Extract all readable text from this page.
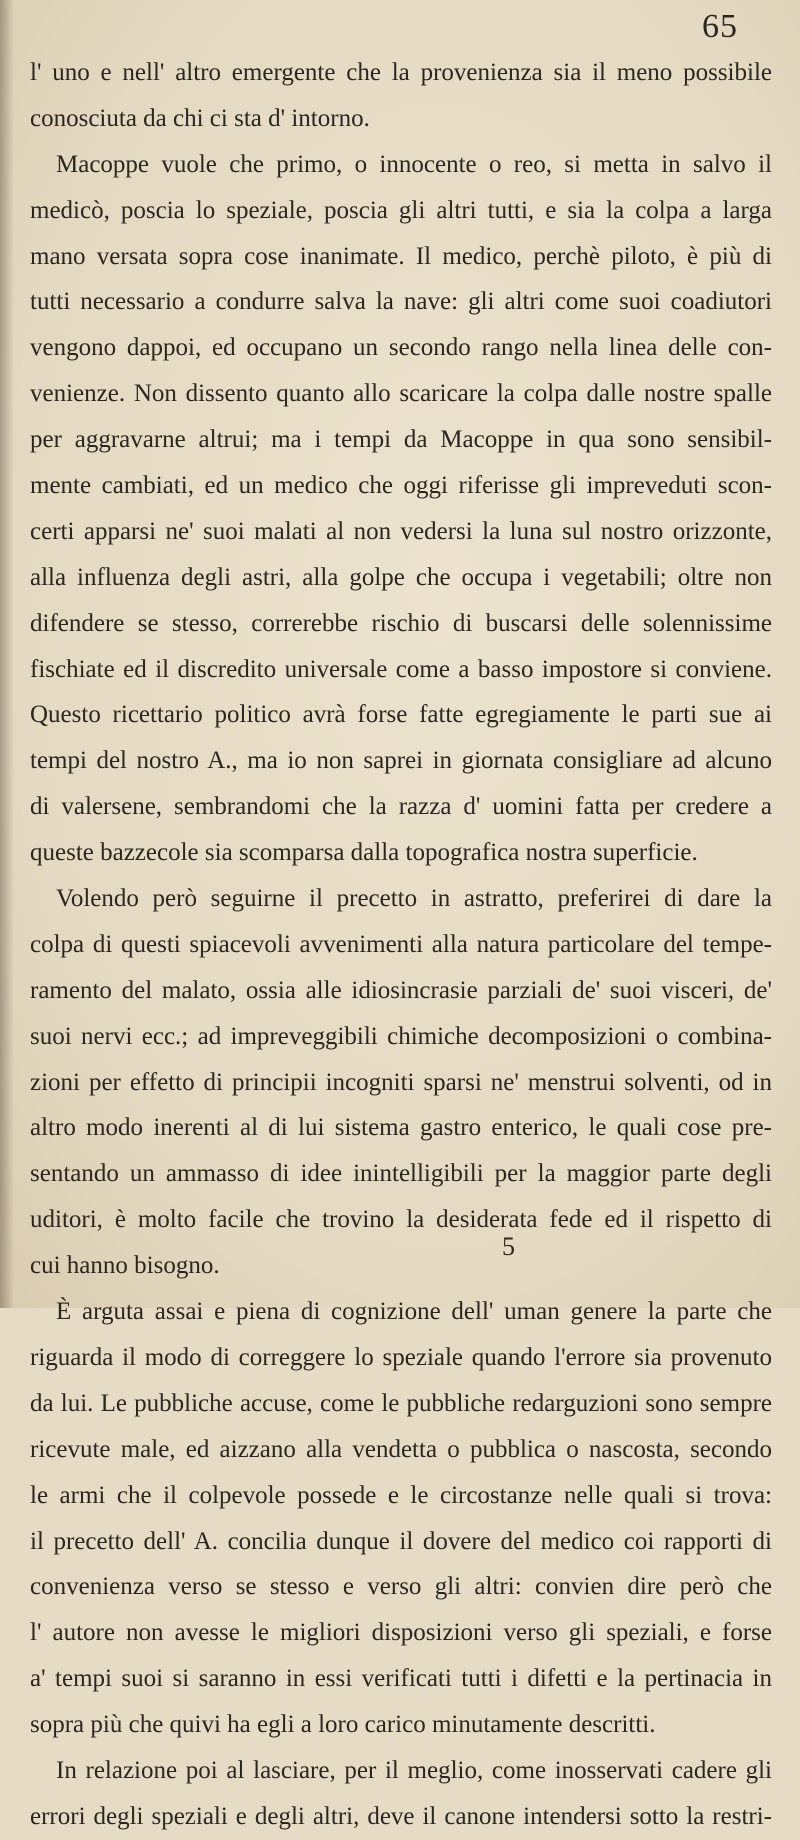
65
l' uno e nell' altro emergente che la provenienza sia il meno possibile
conosciuta da chi ci sta d' intorno.
Macoppe vuole che primo, o innocente o reo, si metta in salvo il
medicò, poscia lo speziale, poscia gli altri tutti, e sia la colpa a larga
mano versata sopra cose inanimate. Il medico, perchè piloto, è più di
tutti necessario a condurre salva la nave: gli altri come suoi coadiutori
vengono dappoi, ed occupano un secondo rango nella linea delle con-
venienze. Non dissento quanto allo scaricare la colpa dalle nostre spalle
per aggravarne altrui; ma i tempi da Macoppe in qua sono sensibil-
mente cambiati, ed un medico che oggi riferisse gli impreveduti scon-
certi apparsi ne' suoi malati al non vedersi la luna sul nostro orizzonte,
alla influenza degli astri, alla golpe che occupa i vegetabili; oltre non
difendere se stesso, correrebbe rischio di buscarsi delle solennissime
fischiate ed il discredito universale come a basso impostore si conviene.
Questo ricettario politico avrà forse fatte egregiamente le parti sue ai
tempi del nostro A., ma io non saprei in giornata consigliare ad alcuno
di valersene, sembrandomi che la razza d' uomini fatta per credere a
queste bazzecole sia scomparsa dalla topografica nostra superficie.
Volendo però seguirne il precetto in astratto, preferirei di dare la
colpa di questi spiacevoli avvenimenti alla natura particolare del tempe-
ramento del malato, ossia alle idiosincrasie parziali de' suoi visceri, de'
suoi nervi ecc.; ad impreveggibili chimiche decomposizioni o combina-
zioni per effetto di principii incogniti sparsi ne' menstrui solventi, od in
altro modo inerenti al di lui sistema gastro enterico, le quali cose pre-
sentando un ammasso di idee inintelligibili per la maggior parte degli
uditori, è molto facile che trovino la desiderata fede ed il rispetto di
cui hanno bisogno.
È arguta assai e piena di cognizione dell' uman genere la parte che
riguarda il modo di correggere lo speziale quando l'errore sia provenuto
da lui. Le pubbliche accuse, come le pubbliche redarguzioni sono sempre
ricevute male, ed aizzano alla vendetta o pubblica o nascosta, secondo
le armi che il colpevole possede e le circostanze nelle quali si trova:
il precetto dell' A. concilia dunque il dovere del medico coi rapporti di
convenienza verso se stesso e verso gli altri: convien dire però che
l' autore non avesse le migliori disposizioni verso gli speziali, e forse
a' tempi suoi si saranno in essi verificati tutti i difetti e la pertinacia in
sopra più che quivi ha egli a loro carico minutamente descritti.
In relazione poi al lasciare, per il meglio, come inosservati cadere gli
errori degli speziali e degli altri, deve il canone intendersi sotto la restri-
5
